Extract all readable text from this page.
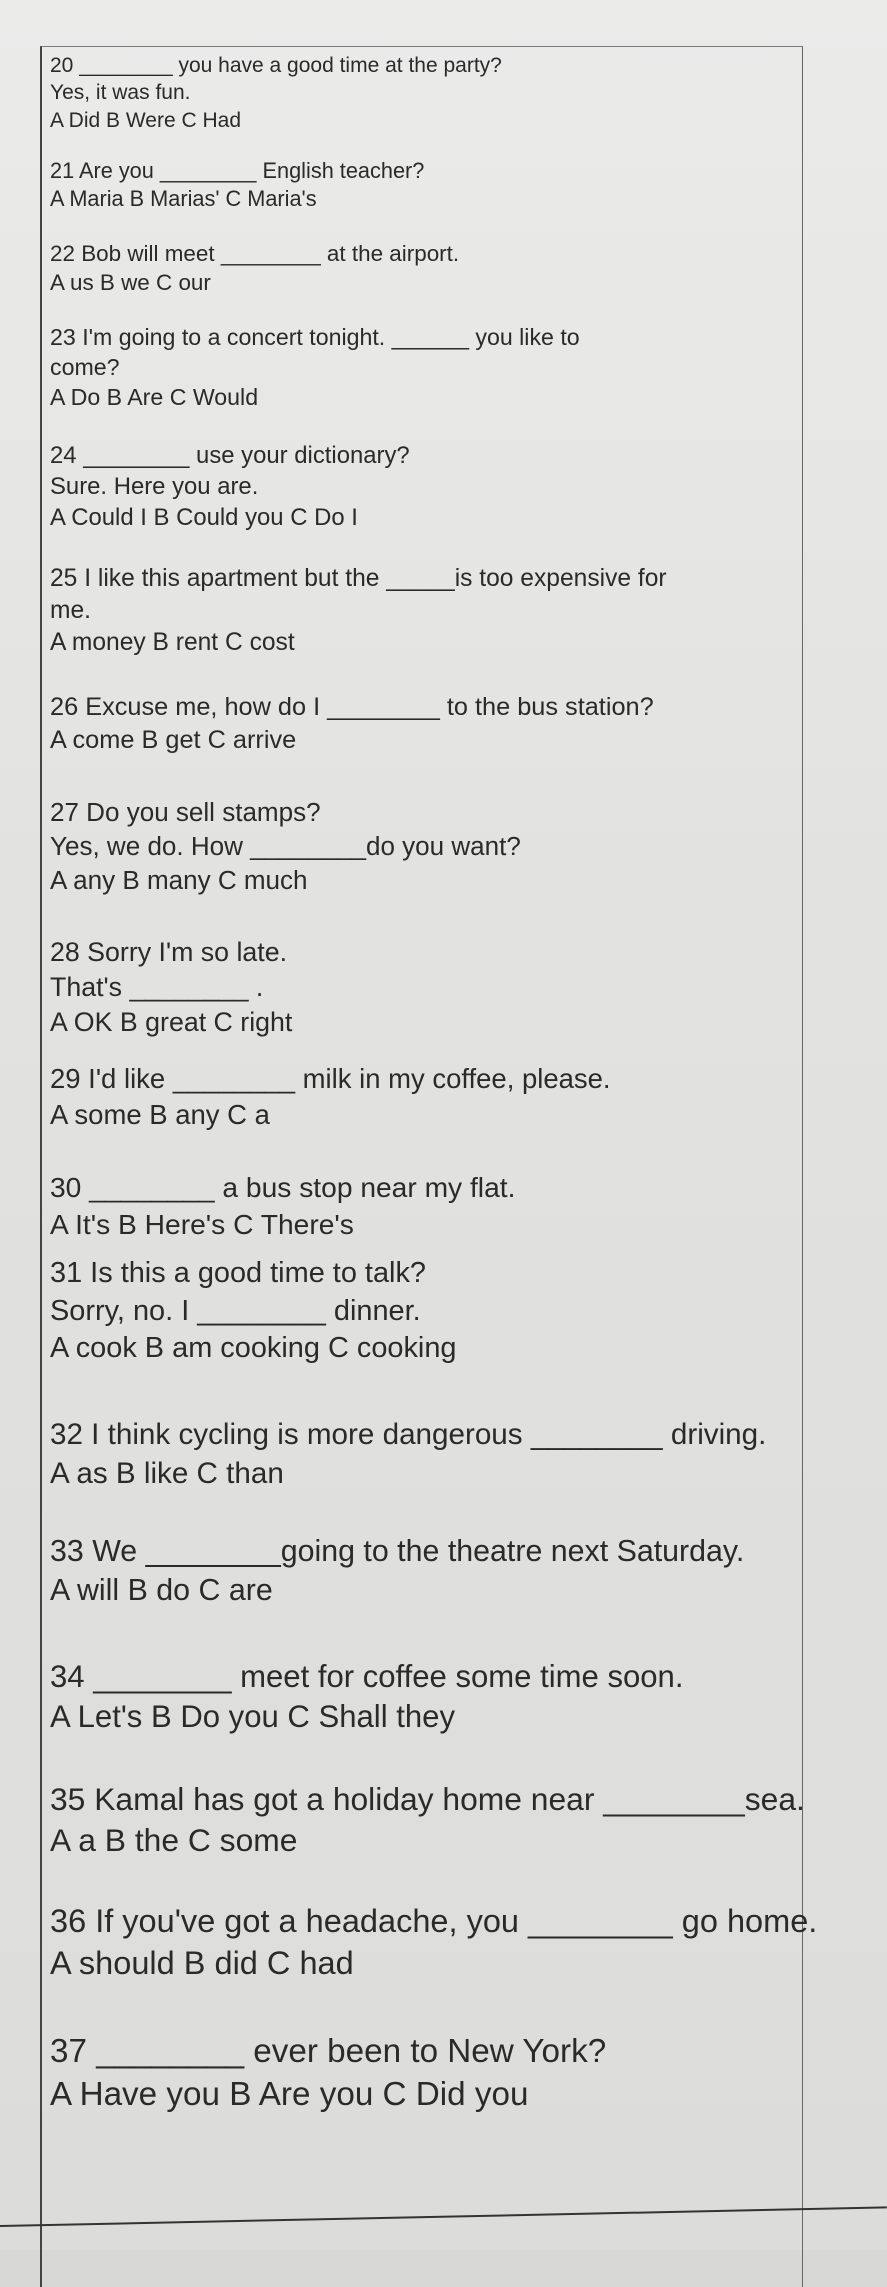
20 ________ you have a good time at the party?
Yes, it was fun.
A Did B Were C Had
21 Are you ________ English teacher?
A Maria B Marias' C Maria's
22 Bob will meet ________ at the airport.
A us B we C our
23 I'm going to a concert tonight. ______ you like to
come?
A Do B Are C Would
24 ________ use your dictionary?
Sure. Here you are.
A Could I B Could you C Do I
25 I like this apartment but the _____is too expensive for
me.
A money B rent C cost
26 Excuse me, how do I ________ to the bus station?
A come B get C arrive
27 Do you sell stamps?
Yes, we do. How ________do you want?
A any B many C much
28 Sorry I'm so late.
That's ________ .
A OK B great C right
29 I'd like ________ milk in my coffee, please.
A some B any C a
30 ________ a bus stop near my flat.
A It's B Here's C There's
31 Is this a good time to talk?
Sorry, no. I ________ dinner.
A cook B am cooking C cooking
32 I think cycling is more dangerous ________ driving.
A as B like C than
33 We ________going to the theatre next Saturday.
A will B do C are
34 ________ meet for coffee some time soon.
A Let's B Do you C Shall they
35 Kamal has got a holiday home near ________sea.
A a B the C some
36 If you've got a headache, you ________ go home.
A should B did C had
37 ________ ever been to New York?
A Have you B Are you C Did you
